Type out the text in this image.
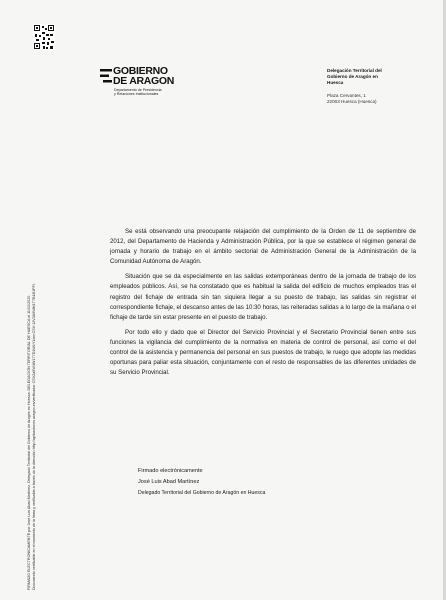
GOBIERNO
DE ARAGON
Departamento de Presidencia
y Relaciones Institucionales
Delegación Territorial del
Gobierno de Aragón en
Huesca
Plaza Cervantes, 1
22003 Huesca (Huesca)
FIRMADO ELECTRONICAMENTE por José Luis Abad Martínez, Delegado Territorial del Gobierno de Aragón en Huesca. DELEGACION TERRITORIAL DE HUESCA el 11/02/2020. Documento verificable en el momento de la firma y verificable a través de la dirección http://aplicaciones.aragon.es/verificador CSV2a5W4W1T7D1W1Y1em CSV:12V3A9WM1T7B1B1PFI.

Se está observando una preocupante relajación del cumplimiento de la Orden de 11 de septiembre de 2012, del Departamento de Hacienda y Administración Pública, por la que se establece el régimen general de jornada y horario de trabajo en el ámbito sectorial de Administración General de la Administración de la Comunidad Autónoma de Aragón.

Situación que se da especialmente en las salidas extemporáneas dentro de la jornada de trabajo de los empleados públicos. Así, se ha constatado que es habitual la salida del edificio de muchos empleados tras el registro del fichaje de entrada sin tan siquiera llegar a su puesto de trabajo, las salidas sin registrar el correspondiente fichaje, el descanso antes de las 10:30 horas, las reiteradas salidas a lo largo de la mañana o el fichaje de tarde sin estar presente en el puesto de trabajo.

Por todo ello y dado que el Director del Servicio Provincial y el Secretario Provincial tienen entre sus funciones la vigilancia del cumplimiento de la normativa en materia de control de personal, así como el del control de la asistencia y permanencia del personal en sus puestos de trabajo, le ruego que adopte las medidas oportunas para paliar esta situación, conjuntamente con el resto de responsables de las diferentes unidades de su Servicio Provincial.

Firmado electrónicamente
José Luis Abad Martínez
Delegado Territorial del Gobierno de Aragón en Huesca
